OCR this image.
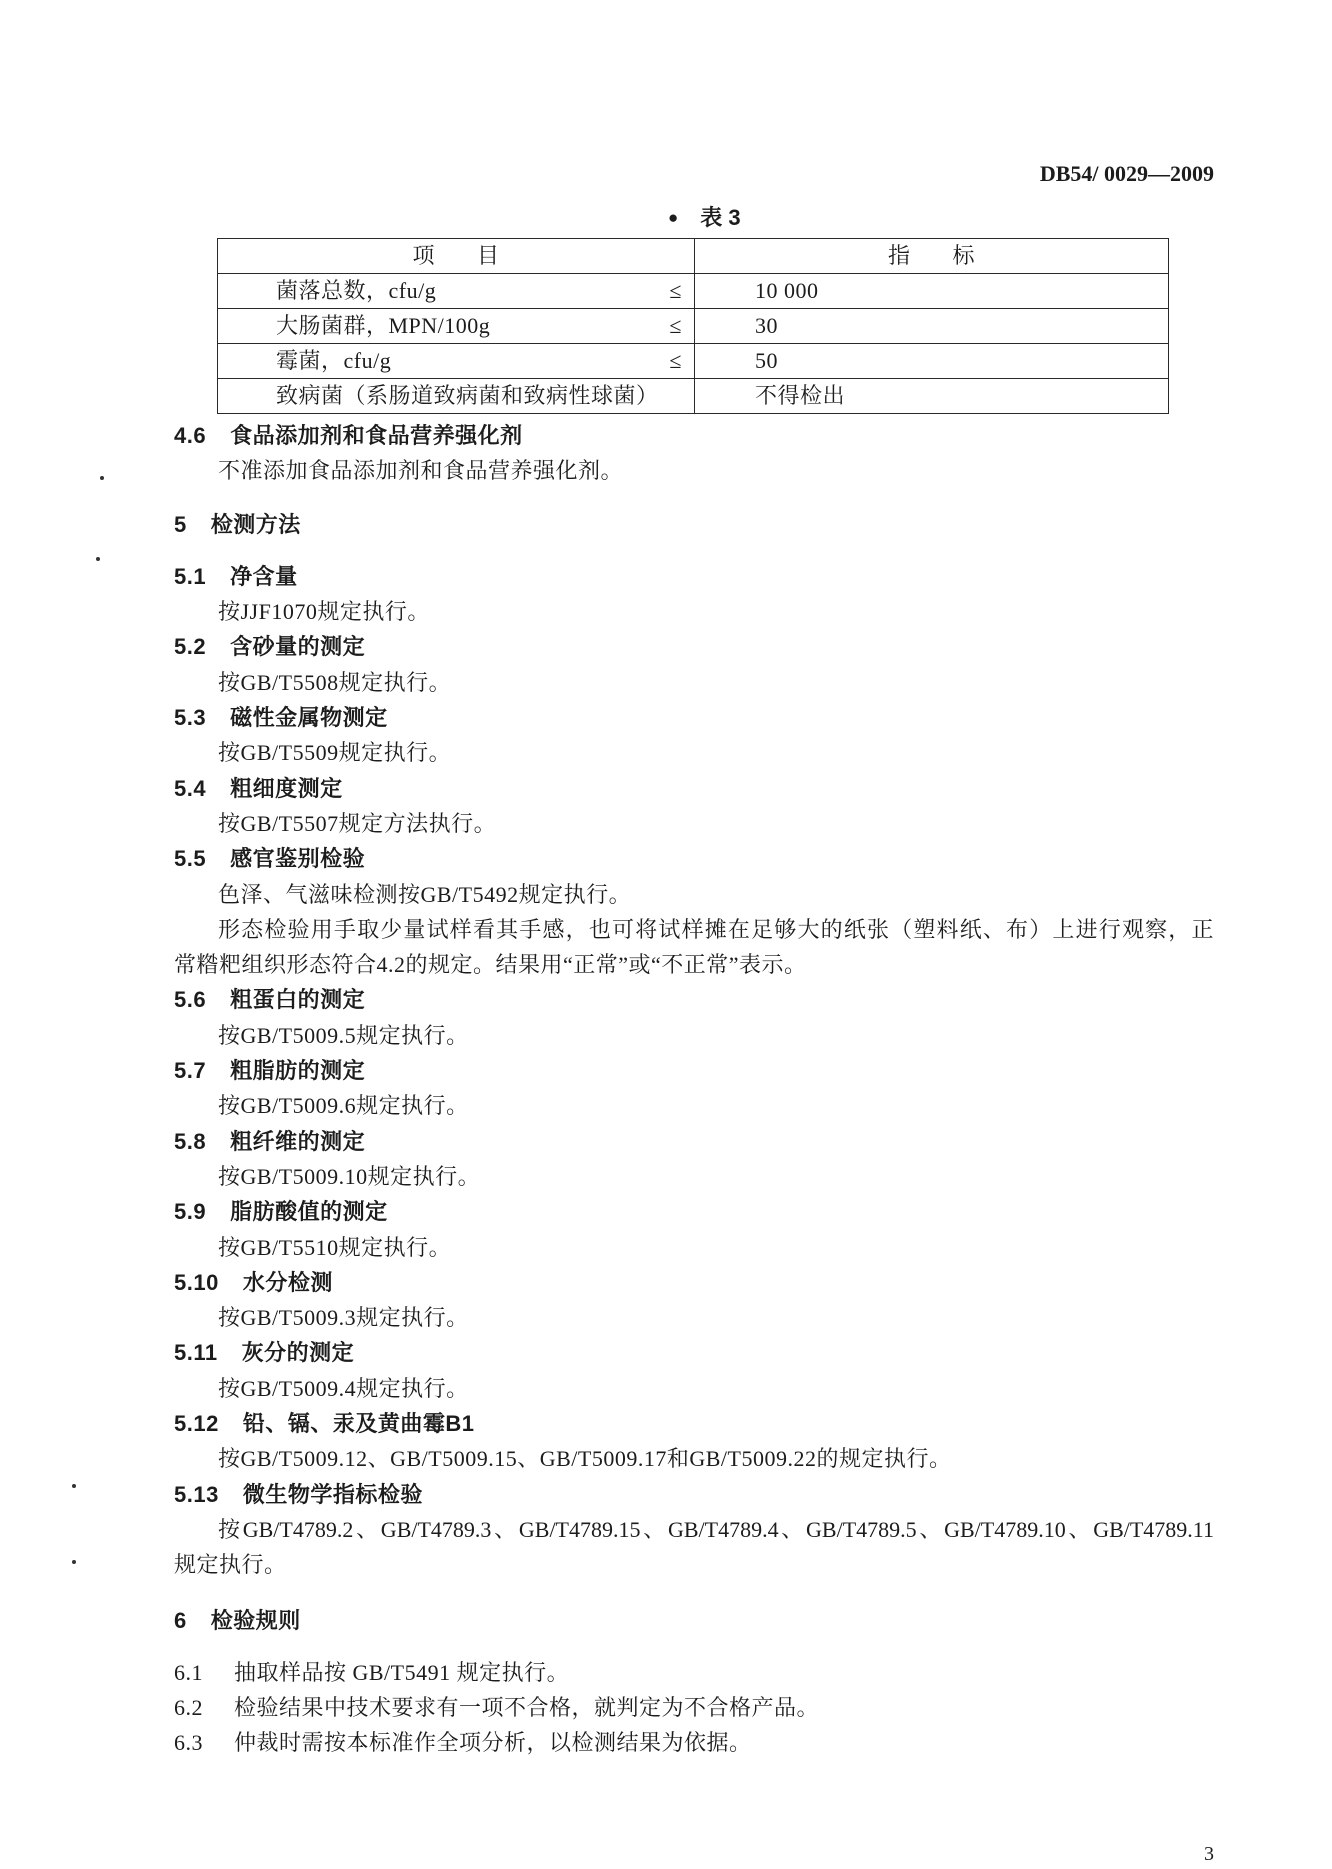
DB54/ 0029—2009
● 表 3
项 目	指 标

菌落总数，cfu/g ≤	10 000

大肠菌群，MPN/100g ≤	30

霉菌，cfu/g ≤	50

致病菌（系肠道致病菌和致病性球菌）	不得检出
4.6 食品添加剂和食品营养强化剂
不准添加食品添加剂和食品营养强化剂。
5 检测方法
5.1 净含量
按JJF1070规定执行。
5.2 含砂量的测定
按GB/T5508规定执行。
5.3 磁性金属物测定
按GB/T5509规定执行。
5.4 粗细度测定
按GB/T5507规定方法执行。
5.5 感官鉴别检验
色泽、气滋味检测按GB/T5492规定执行。
形态检验用手取少量试样看其手感，也可将试样摊在足够大的纸张（塑料纸、布）上进行观察，正
常糌粑组织形态符合4.2的规定。结果用“正常”或“不正常”表示。
5.6 粗蛋白的测定
按GB/T5009.5规定执行。
5.7 粗脂肪的测定
按GB/T5009.6规定执行。
5.8 粗纤维的测定
按GB/T5009.10规定执行。
5.9 脂肪酸值的测定
按GB/T5510规定执行。
5.10 水分检测
按GB/T5009.3规定执行。
5.11 灰分的测定
按GB/T5009.4规定执行。
5.12 铅、镉、汞及黄曲霉B1
按GB/T5009.12、GB/T5009.15、GB/T5009.17和GB/T5009.22的规定执行。
5.13 微生物学指标检验
按GB/T4789.2、GB/T4789.3、GB/T4789.15、GB/T4789.4、GB/T4789.5、GB/T4789.10、GB/T4789.11
规定执行。
6 检验规则
6.1 抽取样品按 GB/T5491 规定执行。
6.2 检验结果中技术要求有一项不合格，就判定为不合格产品。
6.3 仲裁时需按本标准作全项分析，以检测结果为依据。
3
